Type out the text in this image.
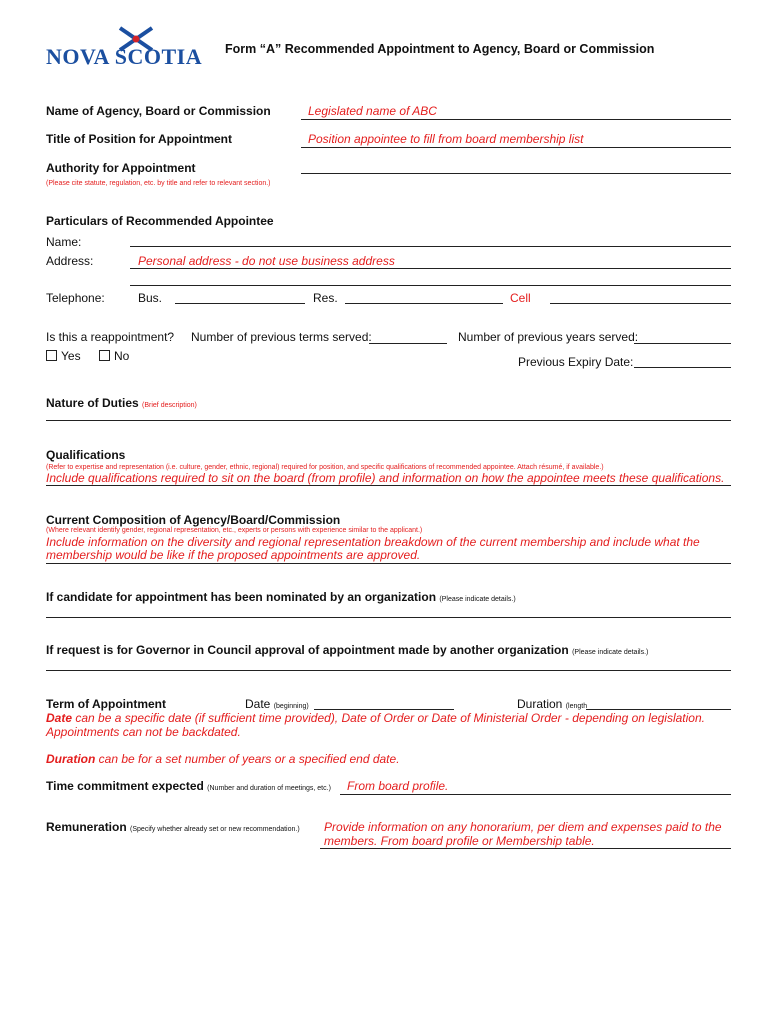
NOVA SCOTIA Form “A” Recommended Appointment to Agency, Board or Commission
Name of Agency, Board or Commission	Legislated name of ABC
Title of Position for Appointment	Position appointee to fill from board membership list
Authority for Appointment
(Please cite statute, regulation, etc. by title and refer to relevant section.)
Particulars of Recommended Appointee
Name:
Address:	Personal address - do not use business address
Telephone:	Bus.	Res.	Cell
Is this a reappointment?
Yes	No
Number of previous terms served:	Number of previous years served:
Previous Expiry Date:
Nature of Duties (Brief description)
Qualifications
(Refer to expertise and representation (i.e. culture, gender, ethnic, regional) required for position, and specific qualifications of recommended appointee. Attach résumé, if available.)
Include qualifications required to sit on the board (from profile) and information on how the appointee meets these qualifications.
Current Composition of Agency/Board/Commission
(Where relevant identify gender, regional representation, etc., experts or persons with experience similar to the applicant.)
Include information on the diversity and regional representation breakdown of the current membership and include what the
membership would be like if the proposed appointments are approved.
If candidate for appointment has been nominated by an organization (Please indicate details.)
If request is for Governor in Council approval of appointment made by another organization (Please indicate details.)
Term of Appointment	Date (beginning)	Duration (length
Date can be a specific date (if sufficient time provided), Date of Order or Date of Ministerial Order - depending on legislation.
Appointments can not be backdated.
Duration can be for a set number of years or a specified end date.
Time commitment expected (Number and duration of meetings, etc.) From board profile.
Remuneration (Specify whether already set or new recommendation.) Provide information on any honorarium, per diem and expenses paid to the
members. From board profile or Membership table.
